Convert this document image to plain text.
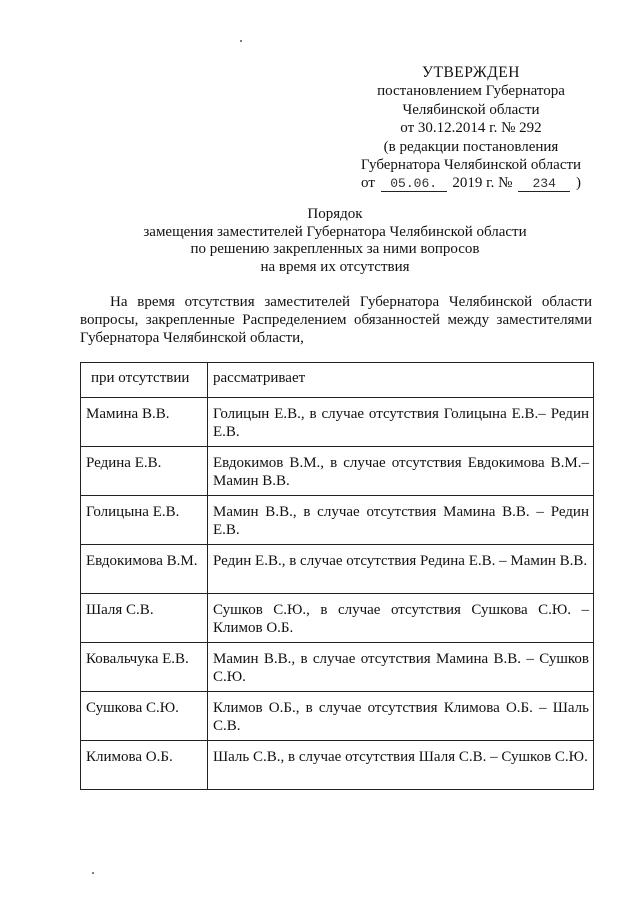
УТВЕРЖДЕН
постановлением Губернатора
Челябинской области
от 30.12.2014 г. № 292
(в редакции постановления
Губернатора Челябинской области
от 05.06. 2019 г. № 234 )
Порядок
замещения заместителей Губернатора Челябинской области
по решению закрепленных за ними вопросов
на время их отсутствия
На время отсутствия заместителей Губернатора Челябинской области вопросы, закрепленные Распределением обязанностей между заместителями Губернатора Челябинской области,
при отсутствии	рассматривает
Мамина В.В.	Голицын Е.В., в случае отсутствия Голицына Е.В.– Редин Е.В.
Редина Е.В.	Евдокимов В.М., в случае отсутствия Евдокимова В.М.– Мамин В.В.
Голицына Е.В.	Мамин В.В., в случае отсутствия Мамина В.В. – Редин Е.В.
Евдокимова В.М.	Редин Е.В., в случае отсутствия Редина Е.В. – Мамин В.В.
Шаля С.В.	Сушков С.Ю., в случае отсутствия Сушкова С.Ю. – Климов О.Б.
Ковальчука Е.В.	Мамин В.В., в случае отсутствия Мамина В.В. – Сушков С.Ю.
Сушкова С.Ю.	Климов О.Б., в случае отсутствия Климова О.Б. – Шаль С.В.
Климова О.Б.	Шаль С.В., в случае отсутствия Шаля С.В. – Сушков С.Ю.
